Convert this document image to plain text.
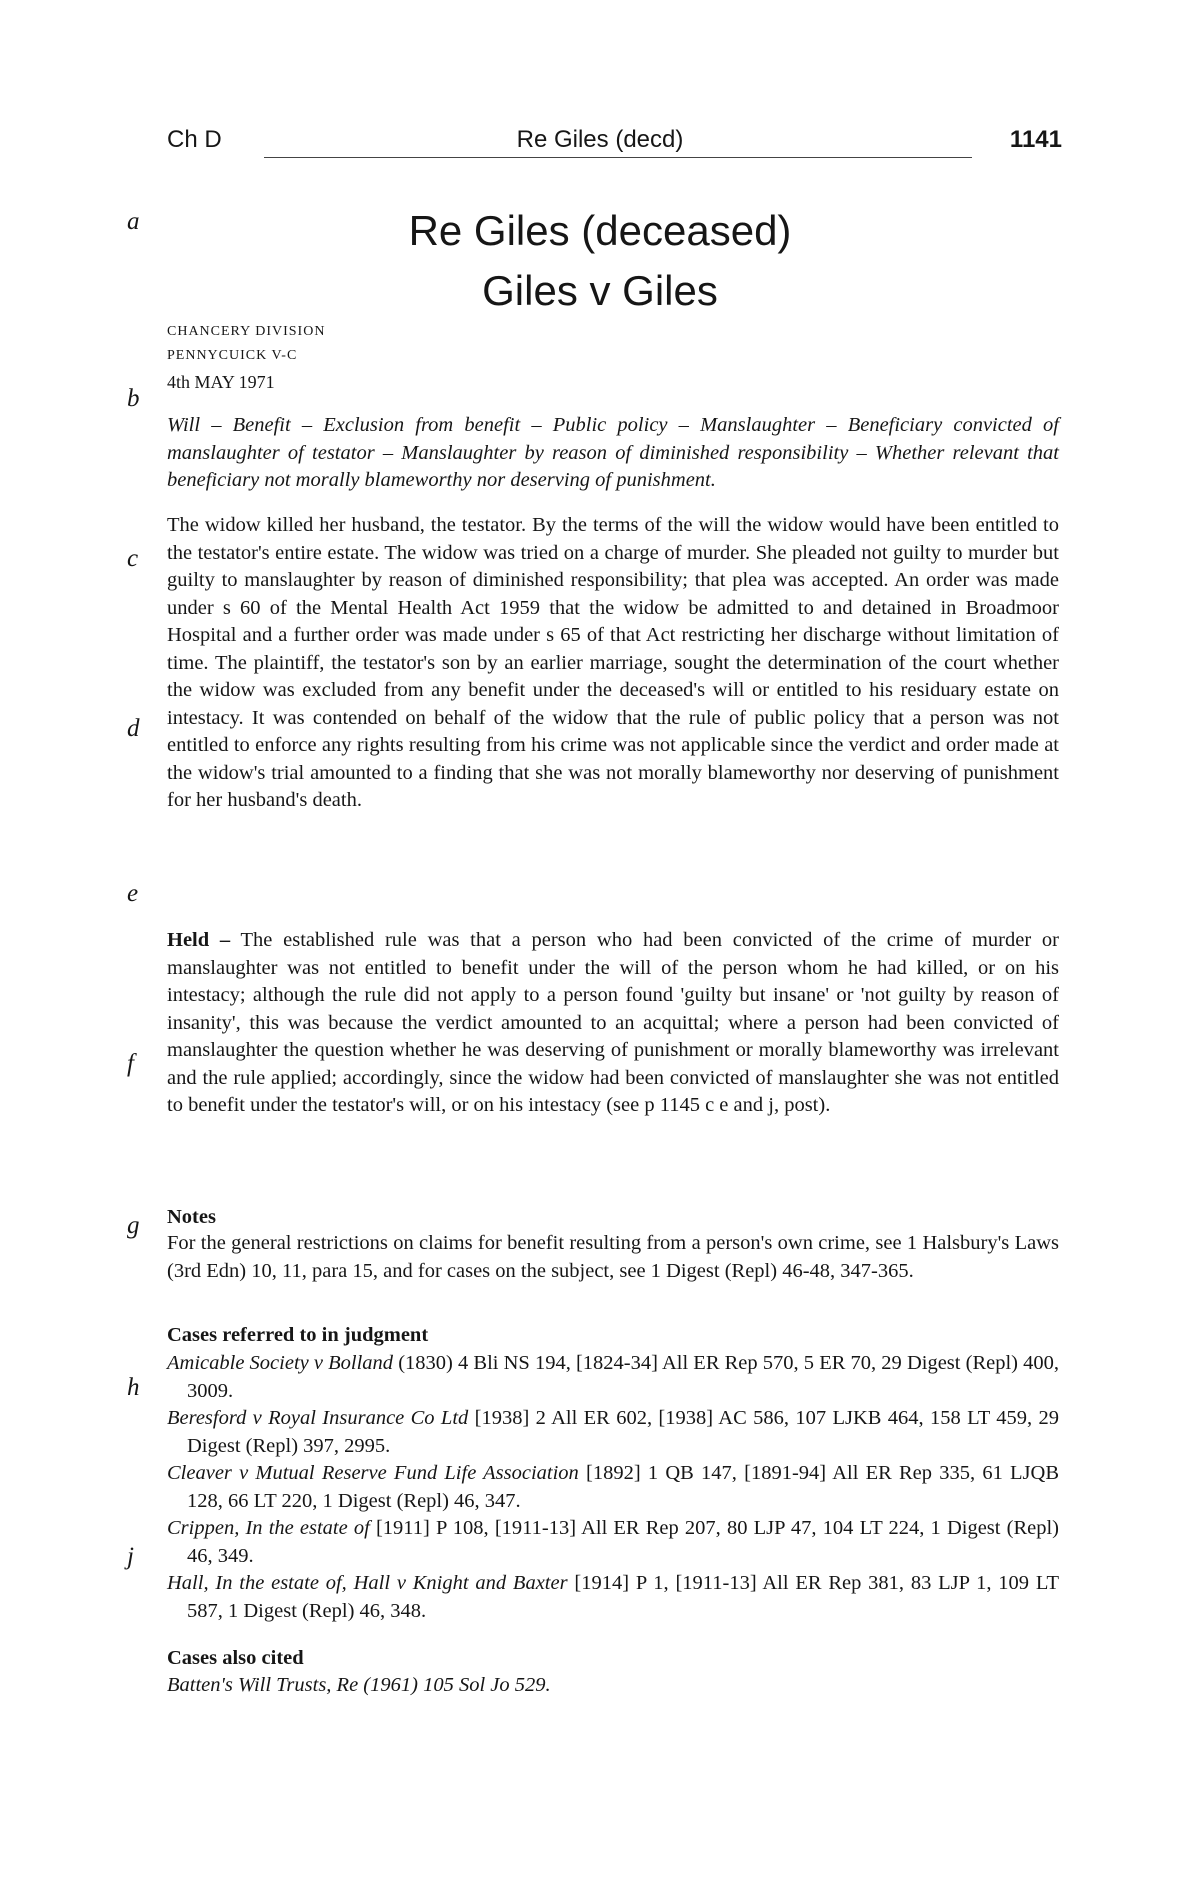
Ch D	Re Giles (decd)	1141
a
b
c
d
e
f
g
h
j
Re Giles (deceased)
Giles v Giles
CHANCERY DIVISION
PENNYCUICK V-C
4th MAY 1971
Will – Benefit – Exclusion from benefit – Public policy – Manslaughter – Beneficiary convicted of manslaughter of testator – Manslaughter by reason of diminished responsibility – Whether relevant that beneficiary not morally blameworthy nor deserving of punishment.
The widow killed her husband, the testator. By the terms of the will the widow would have been entitled to the testator's entire estate. The widow was tried on a charge of murder. She pleaded not guilty to murder but guilty to manslaughter by reason of diminished responsibility; that plea was accepted. An order was made under s 60 of the Mental Health Act 1959 that the widow be admitted to and detained in Broadmoor Hospital and a further order was made under s 65 of that Act restricting her discharge without limitation of time. The plaintiff, the testator's son by an earlier marriage, sought the determination of the court whether the widow was excluded from any benefit under the deceased's will or entitled to his residuary estate on intestacy. It was contended on behalf of the widow that the rule of public policy that a person was not entitled to enforce any rights resulting from his crime was not applicable since the verdict and order made at the widow's trial amounted to a finding that she was not morally blameworthy nor deserving of punishment for her husband's death.
Held – The established rule was that a person who had been convicted of the crime of murder or manslaughter was not entitled to benefit under the will of the person whom he had killed, or on his intestacy; although the rule did not apply to a person found 'guilty but insane' or 'not guilty by reason of insanity', this was because the verdict amounted to an acquittal; where a person had been convicted of manslaughter the question whether he was deserving of punishment or morally blameworthy was irrelevant and the rule applied; accordingly, since the widow had been convicted of manslaughter she was not entitled to benefit under the testator's will, or on his intestacy (see p 1145 c e and j, post).
Notes
For the general restrictions on claims for benefit resulting from a person's own crime, see 1 Halsbury's Laws (3rd Edn) 10, 11, para 15, and for cases on the subject, see 1 Digest (Repl) 46-48, 347-365.
Cases referred to in judgment
Amicable Society v Bolland (1830) 4 Bli NS 194, [1824-34] All ER Rep 570, 5 ER 70, 29 Digest (Repl) 400, 3009.
Beresford v Royal Insurance Co Ltd [1938] 2 All ER 602, [1938] AC 586, 107 LJKB 464, 158 LT 459, 29 Digest (Repl) 397, 2995.
Cleaver v Mutual Reserve Fund Life Association [1892] 1 QB 147, [1891-94] All ER Rep 335, 61 LJQB 128, 66 LT 220, 1 Digest (Repl) 46, 347.
Crippen, In the estate of [1911] P 108, [1911-13] All ER Rep 207, 80 LJP 47, 104 LT 224, 1 Digest (Repl) 46, 349.
Hall, In the estate of, Hall v Knight and Baxter [1914] P 1, [1911-13] All ER Rep 381, 83 LJP 1, 109 LT 587, 1 Digest (Repl) 46, 348.
Cases also cited
Batten's Will Trusts, Re (1961) 105 Sol Jo 529.
